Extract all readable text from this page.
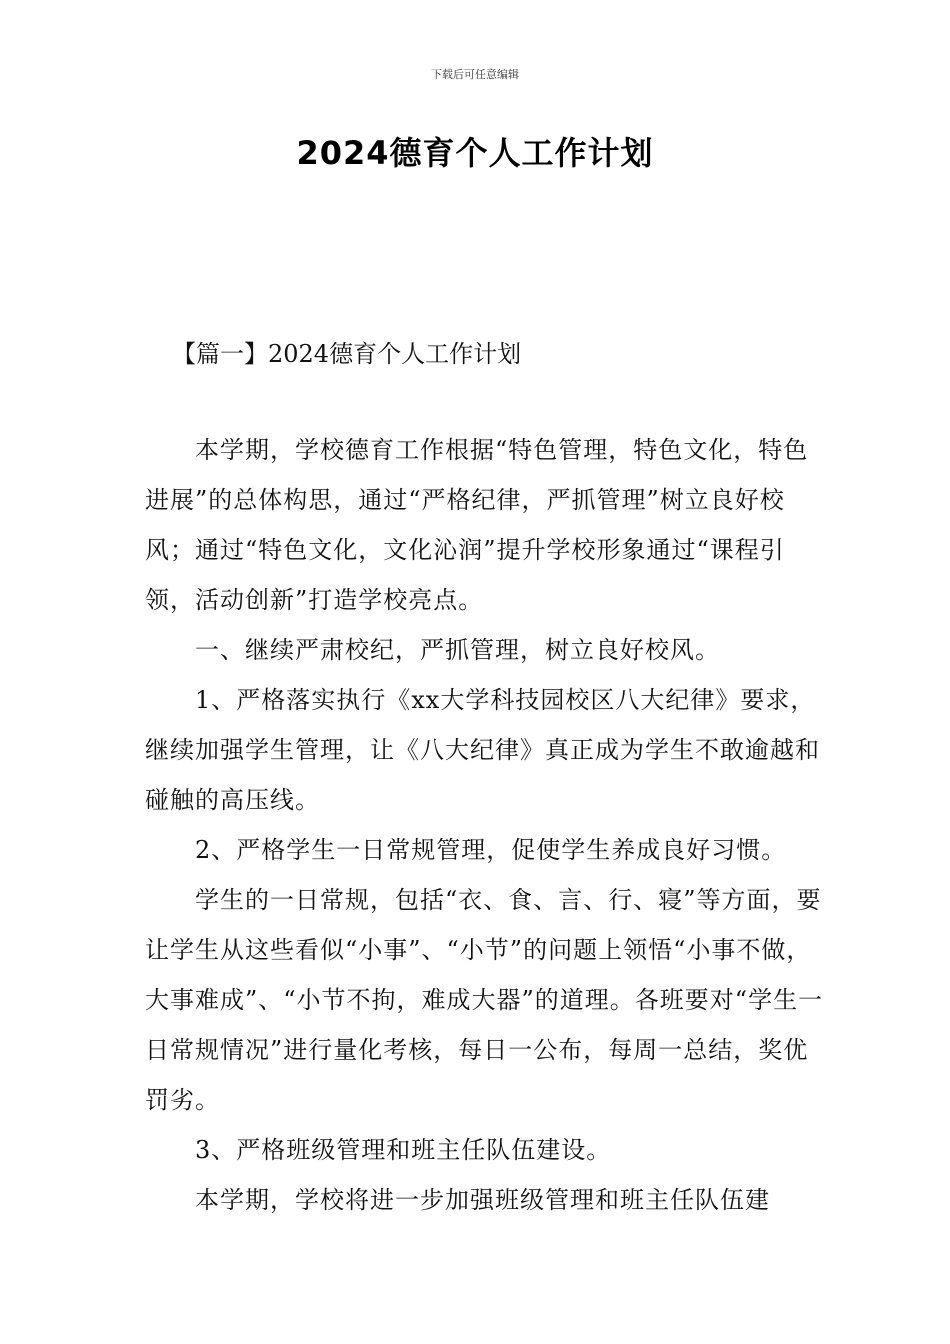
下载后可任意编辑
2024德育个人工作计划
【篇一】2024德育个人工作计划

本学期，学校德育工作根据“特色管理，特色文化，特色进展”的总体构思，通过“严格纪律，严抓管理”树立良好校风；通过“特色文化，文化沁润”提升学校形象通过“课程引领，活动创新”打造学校亮点。

一、继续严肃校纪，严抓管理，树立良好校风。

1、严格落实执行《xx大学科技园校区八大纪律》要求，继续加强学生管理，让《八大纪律》真正成为学生不敢逾越和碰触的高压线。

2、严格学生一日常规管理，促使学生养成良好习惯。

学生的一日常规，包括“衣、食、言、行、寝”等方面，要让学生从这些看似“小事”、“小节”的问题上领悟“小事不做，大事难成”、“小节不拘，难成大器”的道理。各班要对“学生一日常规情况”进行量化考核，每日一公布，每周一总结，奖优罚劣。

3、严格班级管理和班主任队伍建设。

本学期，学校将进一步加强班级管理和班主任队伍建
